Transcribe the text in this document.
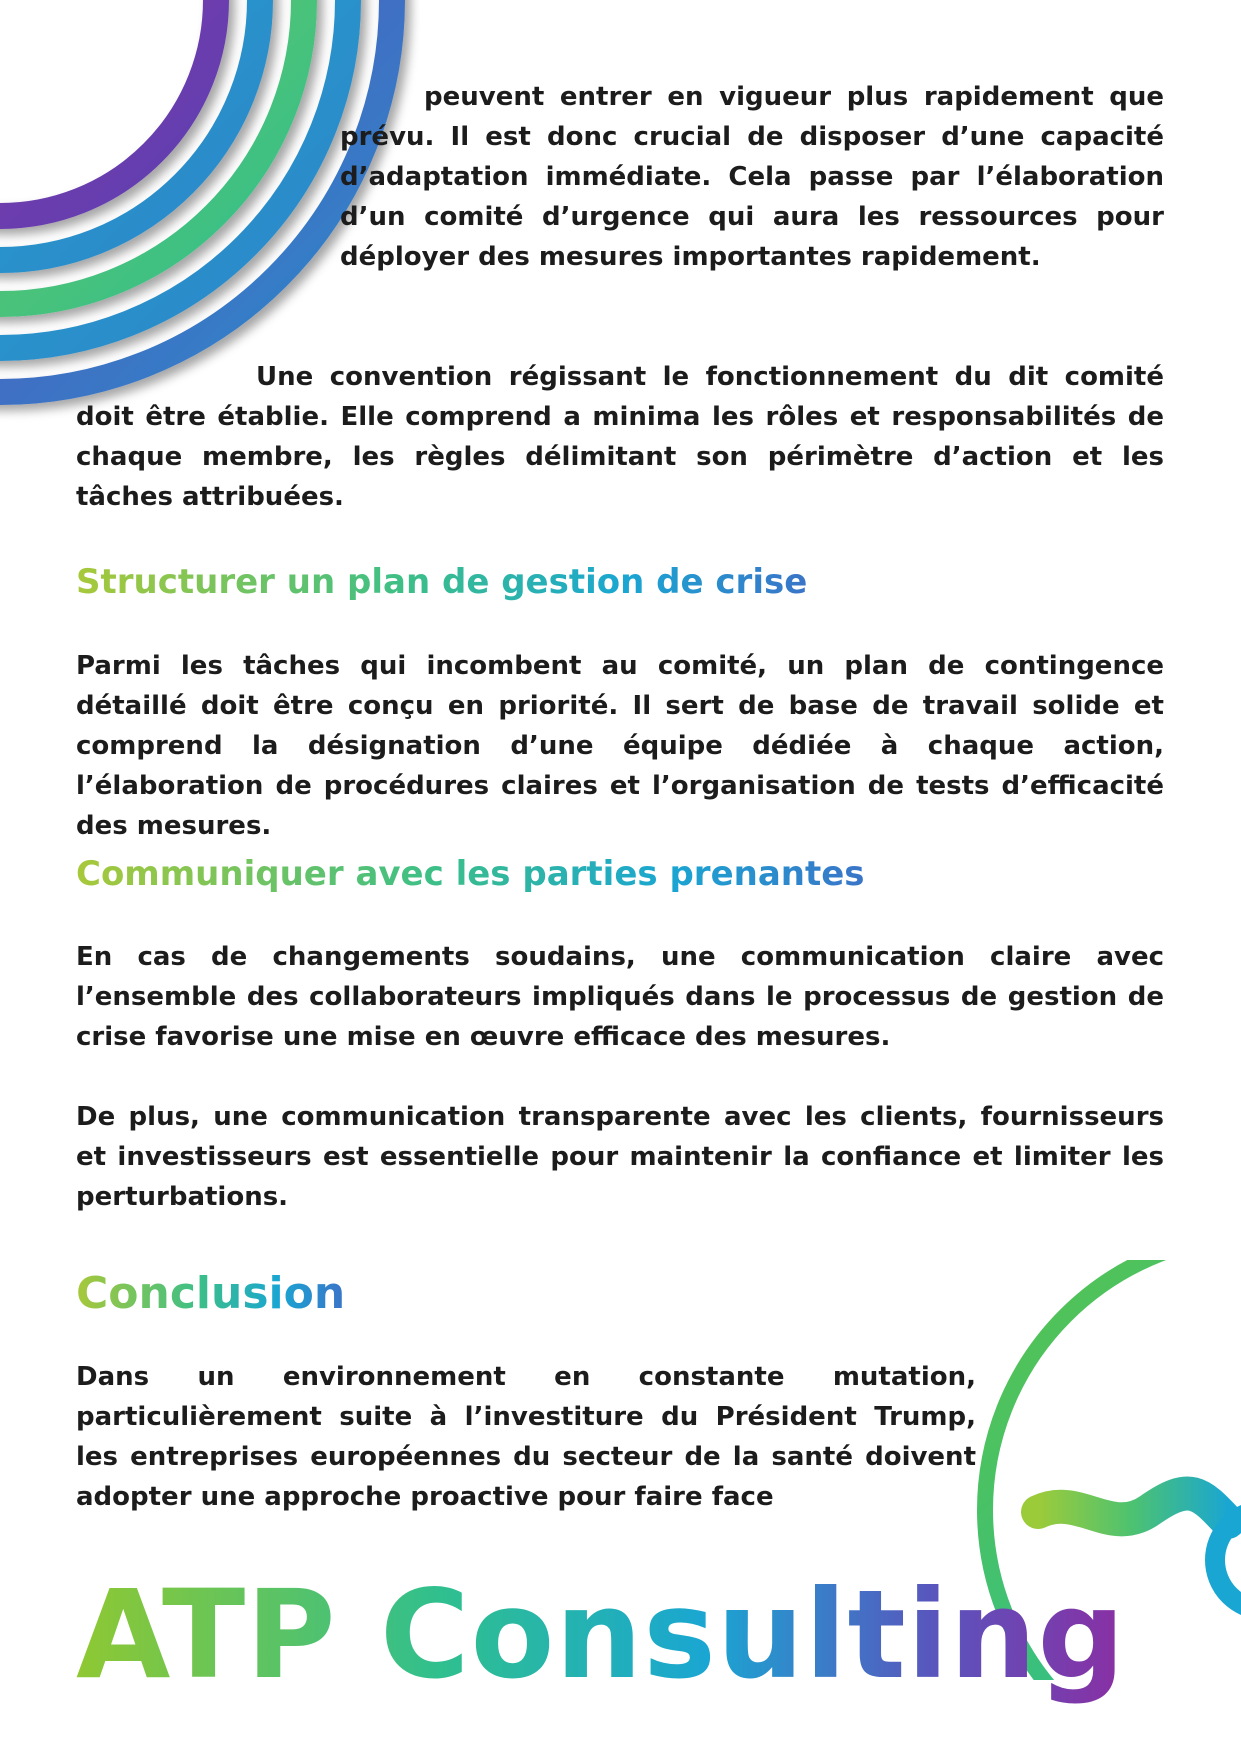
peuvent entrer en vigueur plus rapidement que prévu. Il est donc crucial de disposer d’une capacité d’adaptation immédiate. Cela passe par l’élaboration d’un comité d’urgence qui aura les ressources pour déployer des mesures importantes rapidement.

Une convention régissant le fonctionnement du dit comité doit être établie. Elle comprend a minima les rôles et responsabilités de chaque membre, les règles délimitant son périmètre d’action et les tâches attribuées.

Structurer un plan de gestion de crise

Parmi les tâches qui incombent au comité, un plan de contingence détaillé doit être conçu en priorité. Il sert de base de travail solide et comprend la désignation d’une équipe dédiée à chaque action, l’élaboration de procédures claires et l’organisation de tests d’efficacité des mesures.

Communiquer avec les parties prenantes

En cas de changements soudains, une communication claire avec l’ensemble des collaborateurs impliqués dans le processus de gestion de crise favorise une mise en œuvre efficace des mesures.

De plus, une communication transparente avec les clients, fournisseurs et investisseurs est essentielle pour maintenir la confiance et limiter les perturbations.

Conclusion

Dans un environnement en constante mutation, particulièrement suite à l’investiture du Président Trump, les entreprises européennes du secteur de la santé doivent adopter une approche proactive pour faire face

ATP Consulting
